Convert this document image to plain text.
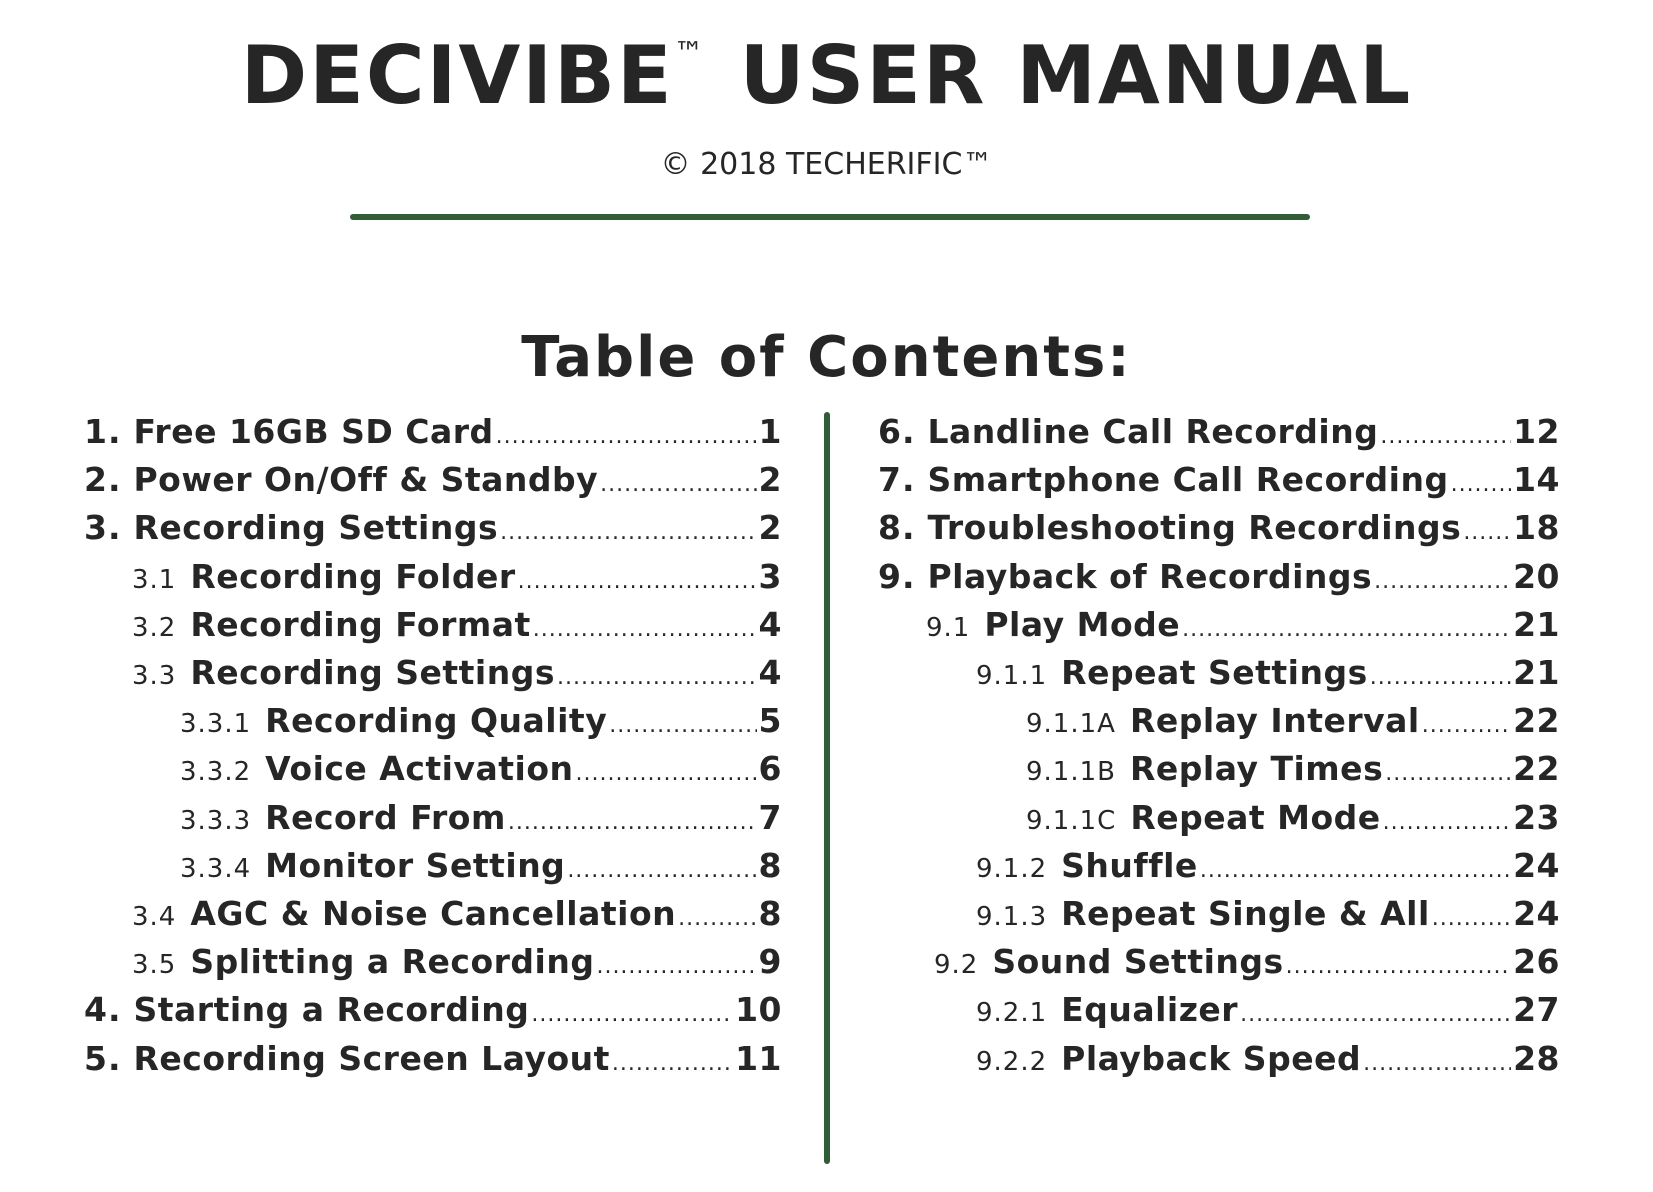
DECIVIBE™ USER MANUAL
© 2018 TECHERIFIC™
Table of Contents:
1. Free 16GB SD Card .....	1
2. Power On/Off & Standby .....	2
3. Recording Settings .....	2
3.1 Recording Folder .....	3
3.2 Recording Format .....	4
3.3 Recording Settings .....	4
3.3.1 Recording Quality .....	5
3.3.2 Voice Activation .....	6
3.3.3 Record From .....	7
3.3.4 Monitor Setting .....	8
3.4 AGC & Noise Cancellation ..... 8
3.5 Splitting a Recording .....	9
4. Starting a Recording .....	10
5. Recording Screen Layout .....	11
6. Landline Call Recording .....	12
7. Smartphone Call Recording ..... 14
8. Troubleshooting Recordings ..... 18
9. Playback of Recordings .....	20
9.1 Play Mode .....	21
9.1.1 Repeat Settings .....	21
9.1.1A Replay Interval .....	22
9.1.1B Replay Times .....	22
9.1.1C Repeat Mode .....	23
9.1.2 Shuffle .....	24
9.1.3 Repeat Single & All .....	24
9.2 Sound Settings .....	26
9.2.1 Equalizer .....	27
9.2.2 Playback Speed .....	28
